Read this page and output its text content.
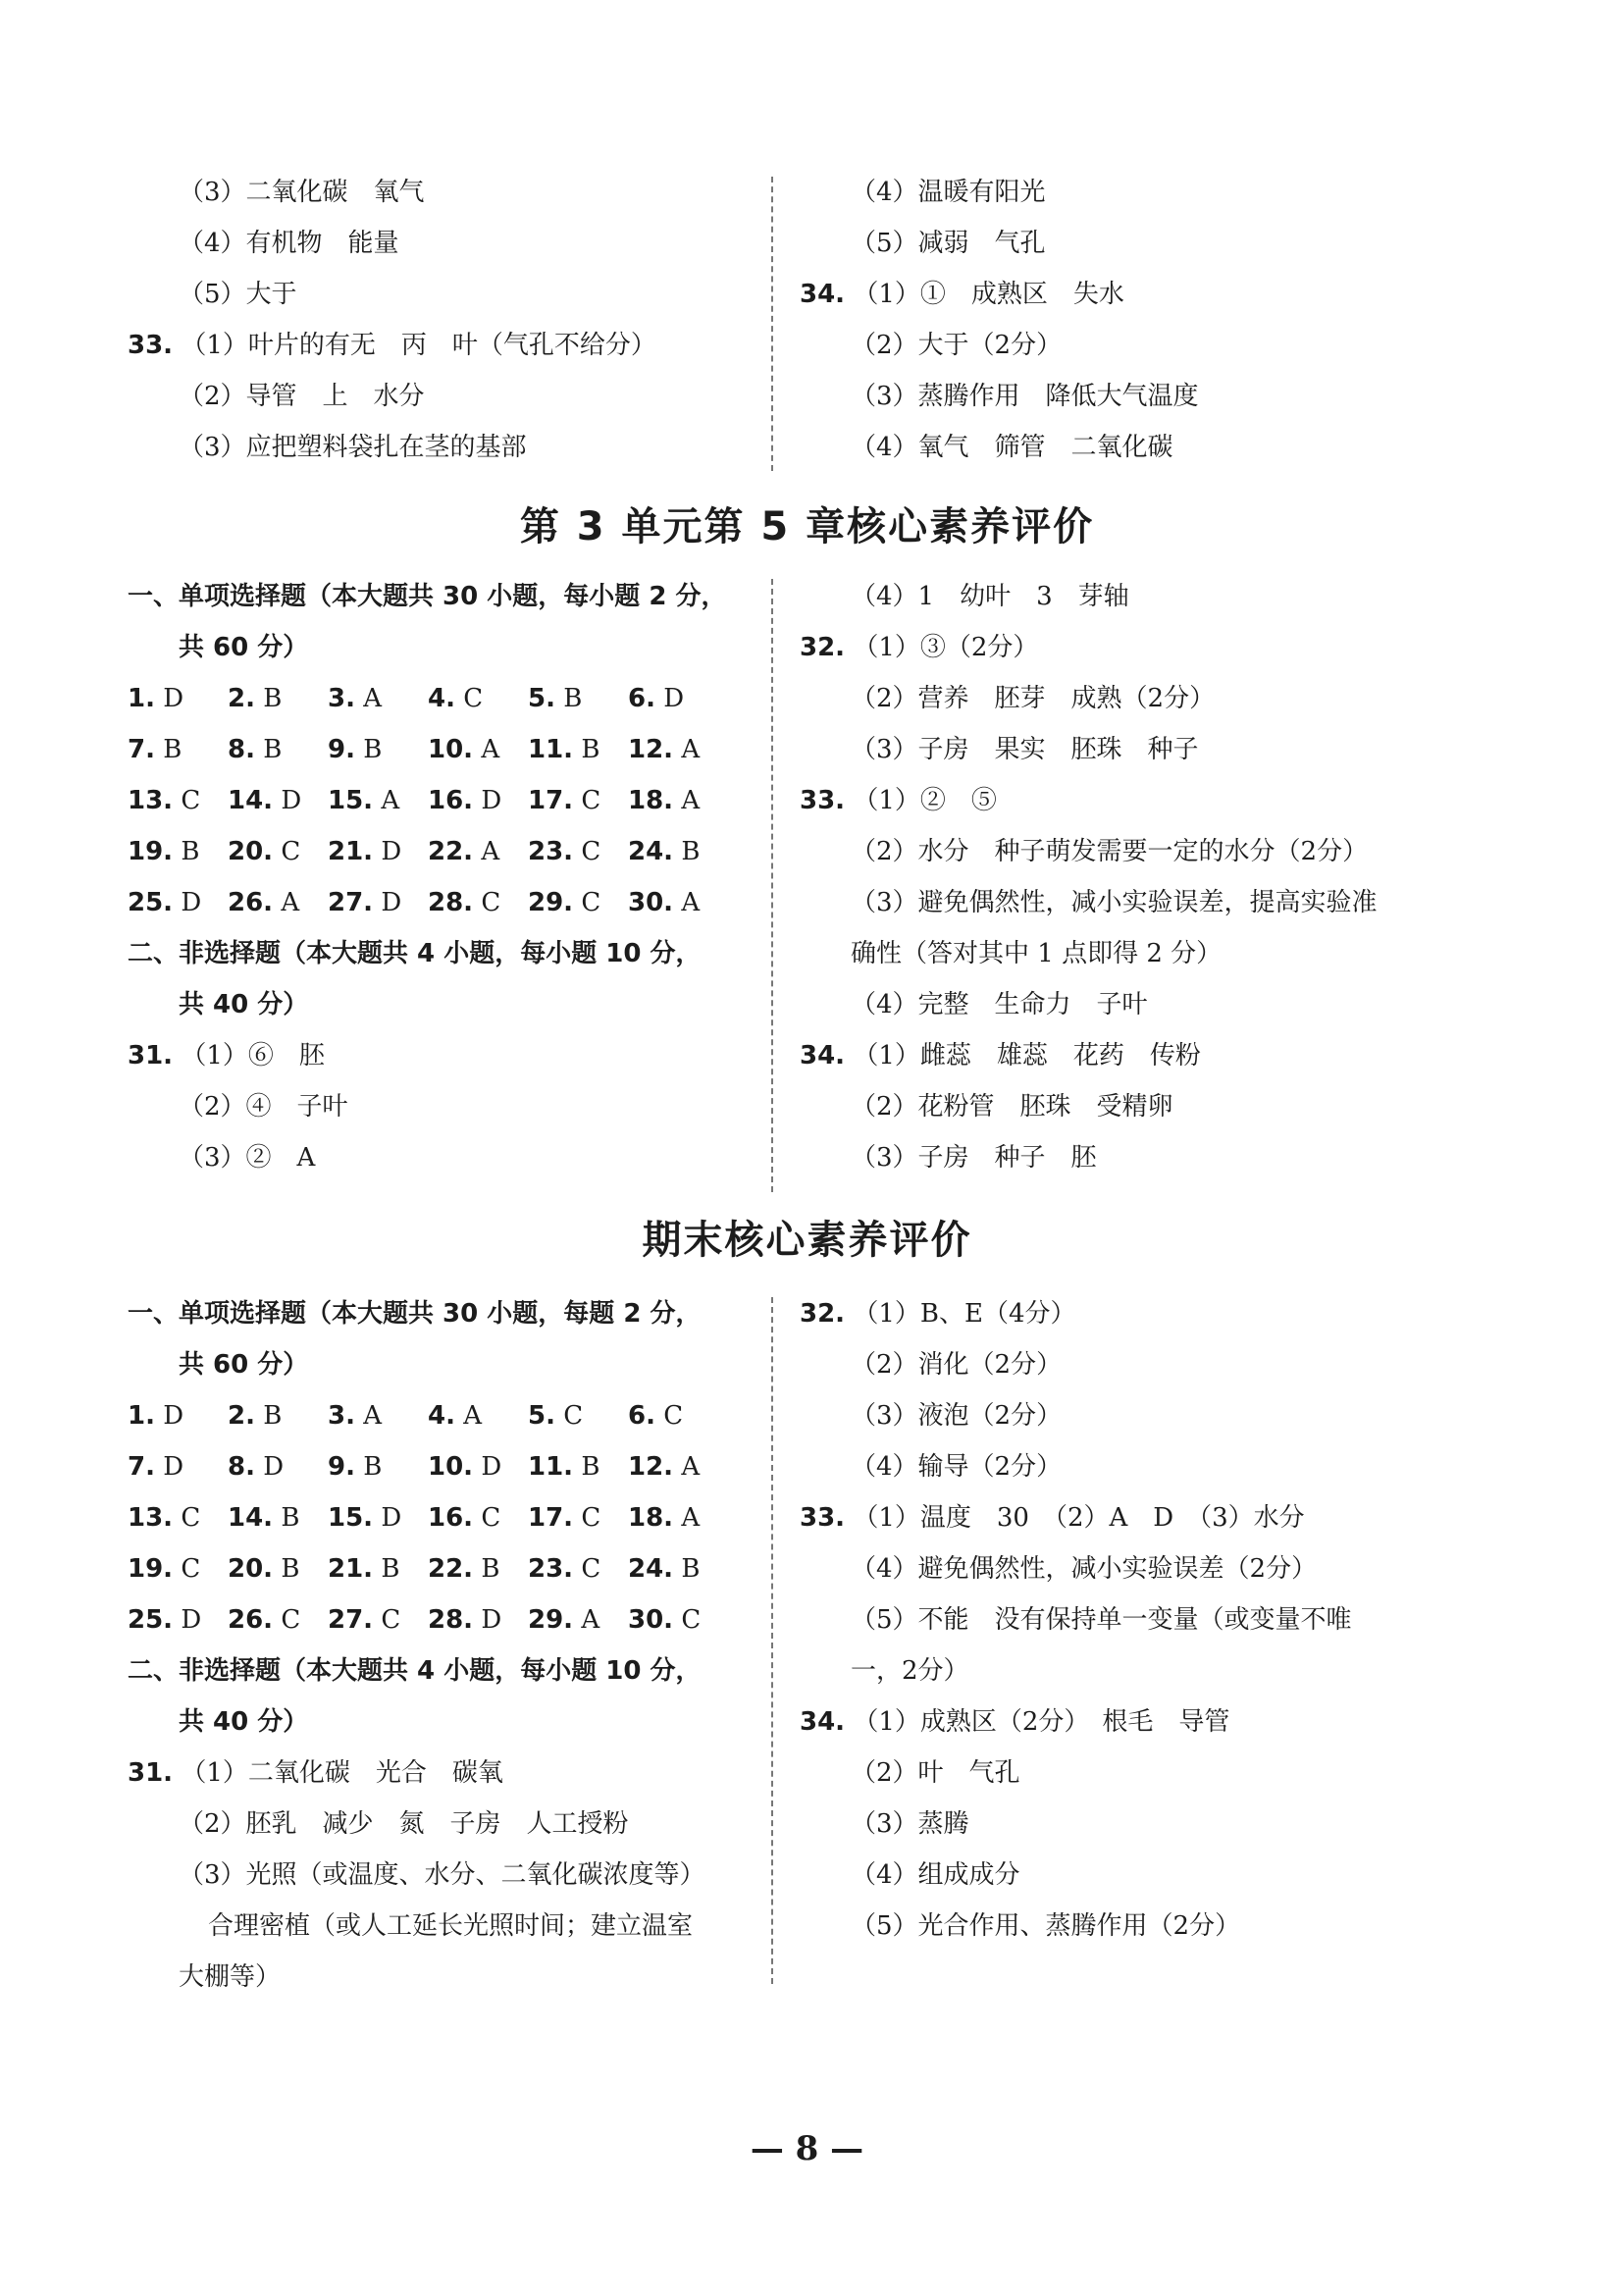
（3）二氧化碳　氧气
（4）有机物　能量
（5）大于
33. （1）叶片的有无　丙　叶（气孔不给分）
（2）导管　上　水分
（3）应把塑料袋扎在茎的基部
（4）温暖有阳光
（5）减弱　气孔
34. （1）①　成熟区　失水
（2）大于（2分）
（3）蒸腾作用　降低大气温度
（4）氧气　筛管　二氧化碳
第 3 单元第 5 章核心素养评价
一、单项选择题（本大题共 30 小题，每小题 2 分，
共 60 分）
1. D	2. B	3. A	4. C	5. B	6. D
7. B	8. B	9. B	10. A	11. B	12. A
13. C	14. D	15. A	16. D	17. C	18. A
19. B	20. C	21. D	22. A	23. C	24. B
25. D	26. A	27. D	28. C	29. C	30. A
二、非选择题（本大题共 4 小题，每小题 10 分，
共 40 分）
31. （1）⑥　胚
（2）④　子叶
（3）②　A
（4）1　幼叶　3　芽轴
32. （1）③（2分）
（2）营养　胚芽　成熟（2分）
（3）子房　果实　胚珠　种子
33. （1）②　⑤
（2）水分　种子萌发需要一定的水分（2分）
（3）避免偶然性，减小实验误差，提高实验准
确性（答对其中 1 点即得 2 分）
（4）完整　生命力　子叶
34. （1）雌蕊　雄蕊　花药　传粉
（2）花粉管　胚珠　受精卵
（3）子房　种子　胚
期末核心素养评价
一、单项选择题（本大题共 30 小题，每题 2 分，
共 60 分）
1. D	2. B	3. A	4. A	5. C	6. C
7. D	8. D	9. B	10. D	11. B	12. A
13. C	14. B	15. D	16. C	17. C	18. A
19. C	20. B	21. B	22. B	23. C	24. B
25. D	26. C	27. C	28. D	29. A	30. C
二、非选择题（本大题共 4 小题，每小题 10 分，
共 40 分）
31. （1）二氧化碳　光合　碳氧
（2）胚乳　减少　氮　子房　人工授粉
（3）光照（或温度、水分、二氧化碳浓度等）
合理密植（或人工延长光照时间；建立温室
大棚等）
32. （1）B、E（4分）
（2）消化（2分）
（3）液泡（2分）
（4）输导（2分）
33. （1）温度　30　（2）A　D　（3）水分
（4）避免偶然性，减小实验误差（2分）
（5）不能　没有保持单一变量（或变量不唯
一，2分）
34. （1）成熟区（2分）　根毛　导管
（2）叶　气孔
（3）蒸腾
（4）组成成分
（5）光合作用、蒸腾作用（2分）
— 8 —
